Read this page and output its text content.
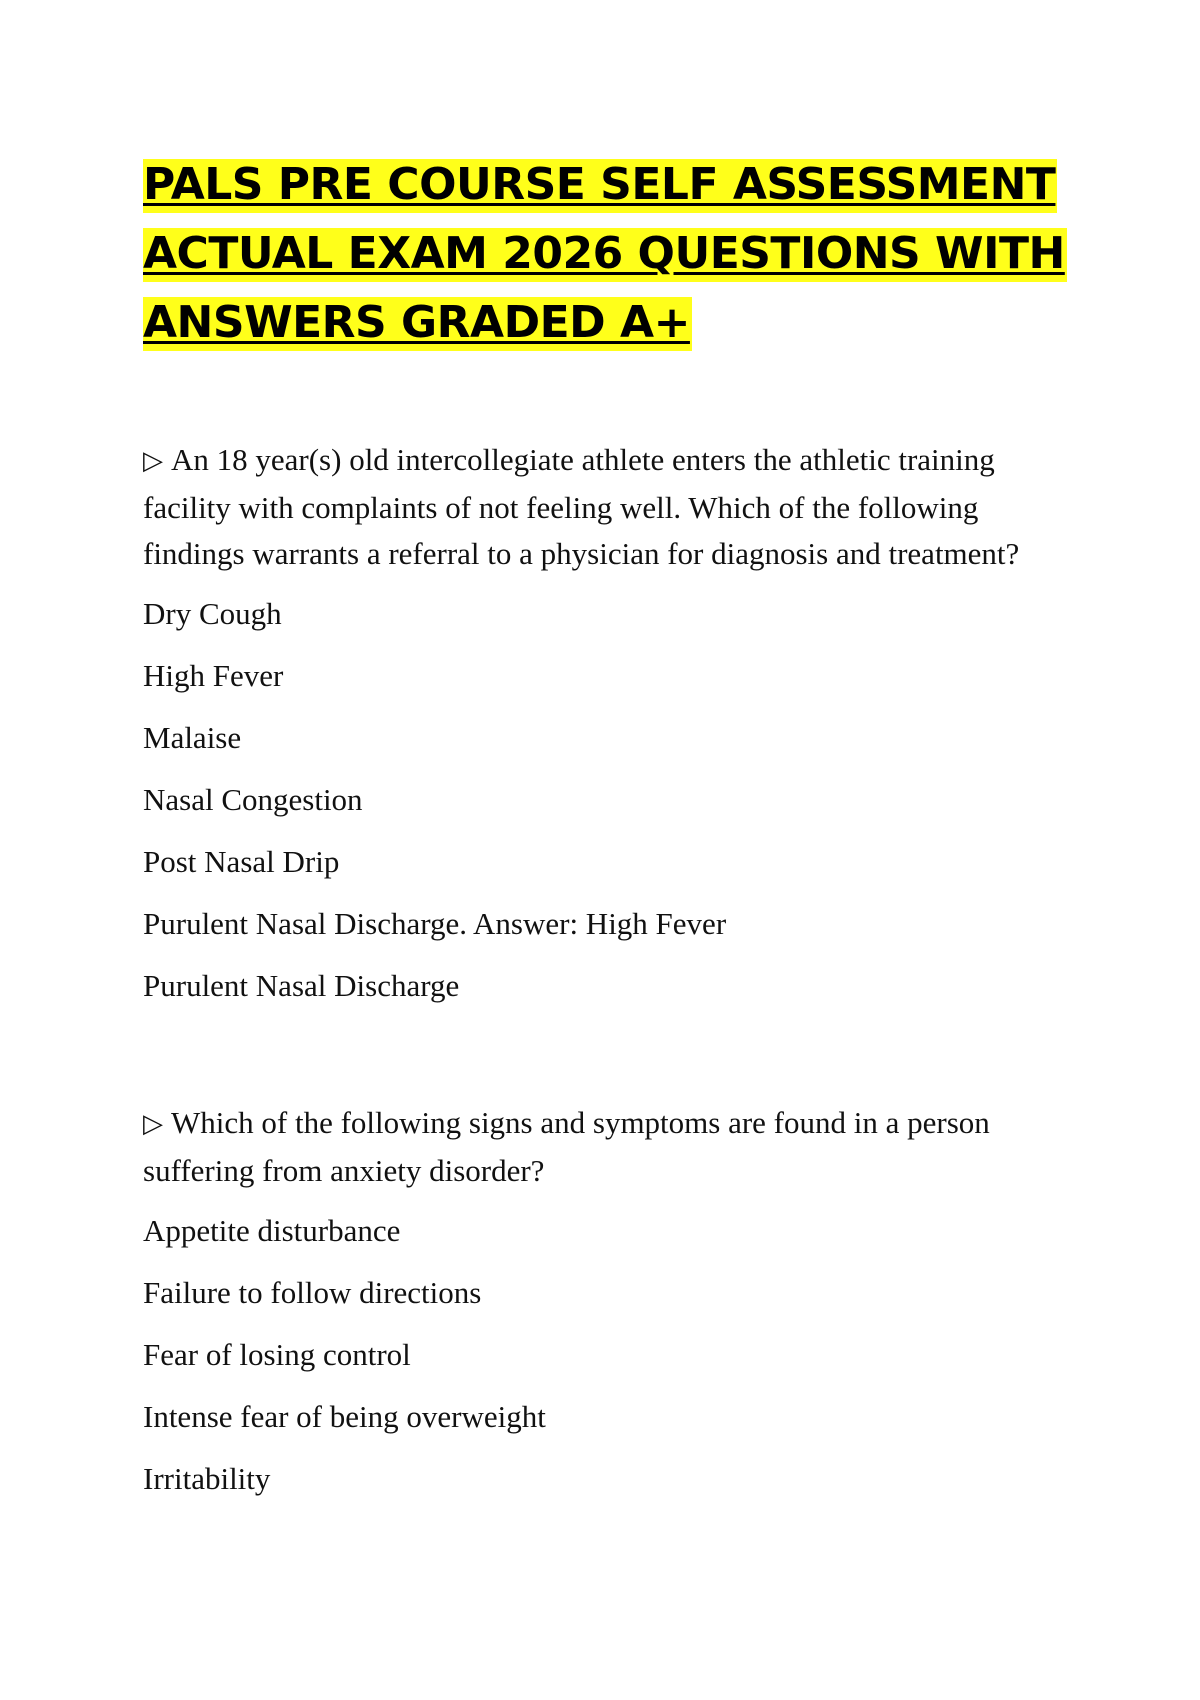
PALS PRE COURSE SELF ASSESSMENT
ACTUAL EXAM 2026 QUESTIONS WITH
ANSWERS GRADED A+

▷ An 18 year(s) old intercollegiate athlete enters the athletic training facility with complaints of not feeling well. Which of the following findings warrants a referral to a physician for diagnosis and treatment?

Dry Cough
High Fever
Malaise
Nasal Congestion
Post Nasal Drip
Purulent Nasal Discharge. Answer: High Fever
Purulent Nasal Discharge

▷ Which of the following signs and symptoms are found in a person suffering from anxiety disorder?

Appetite disturbance
Failure to follow directions
Fear of losing control
Intense fear of being overweight
Irritability
